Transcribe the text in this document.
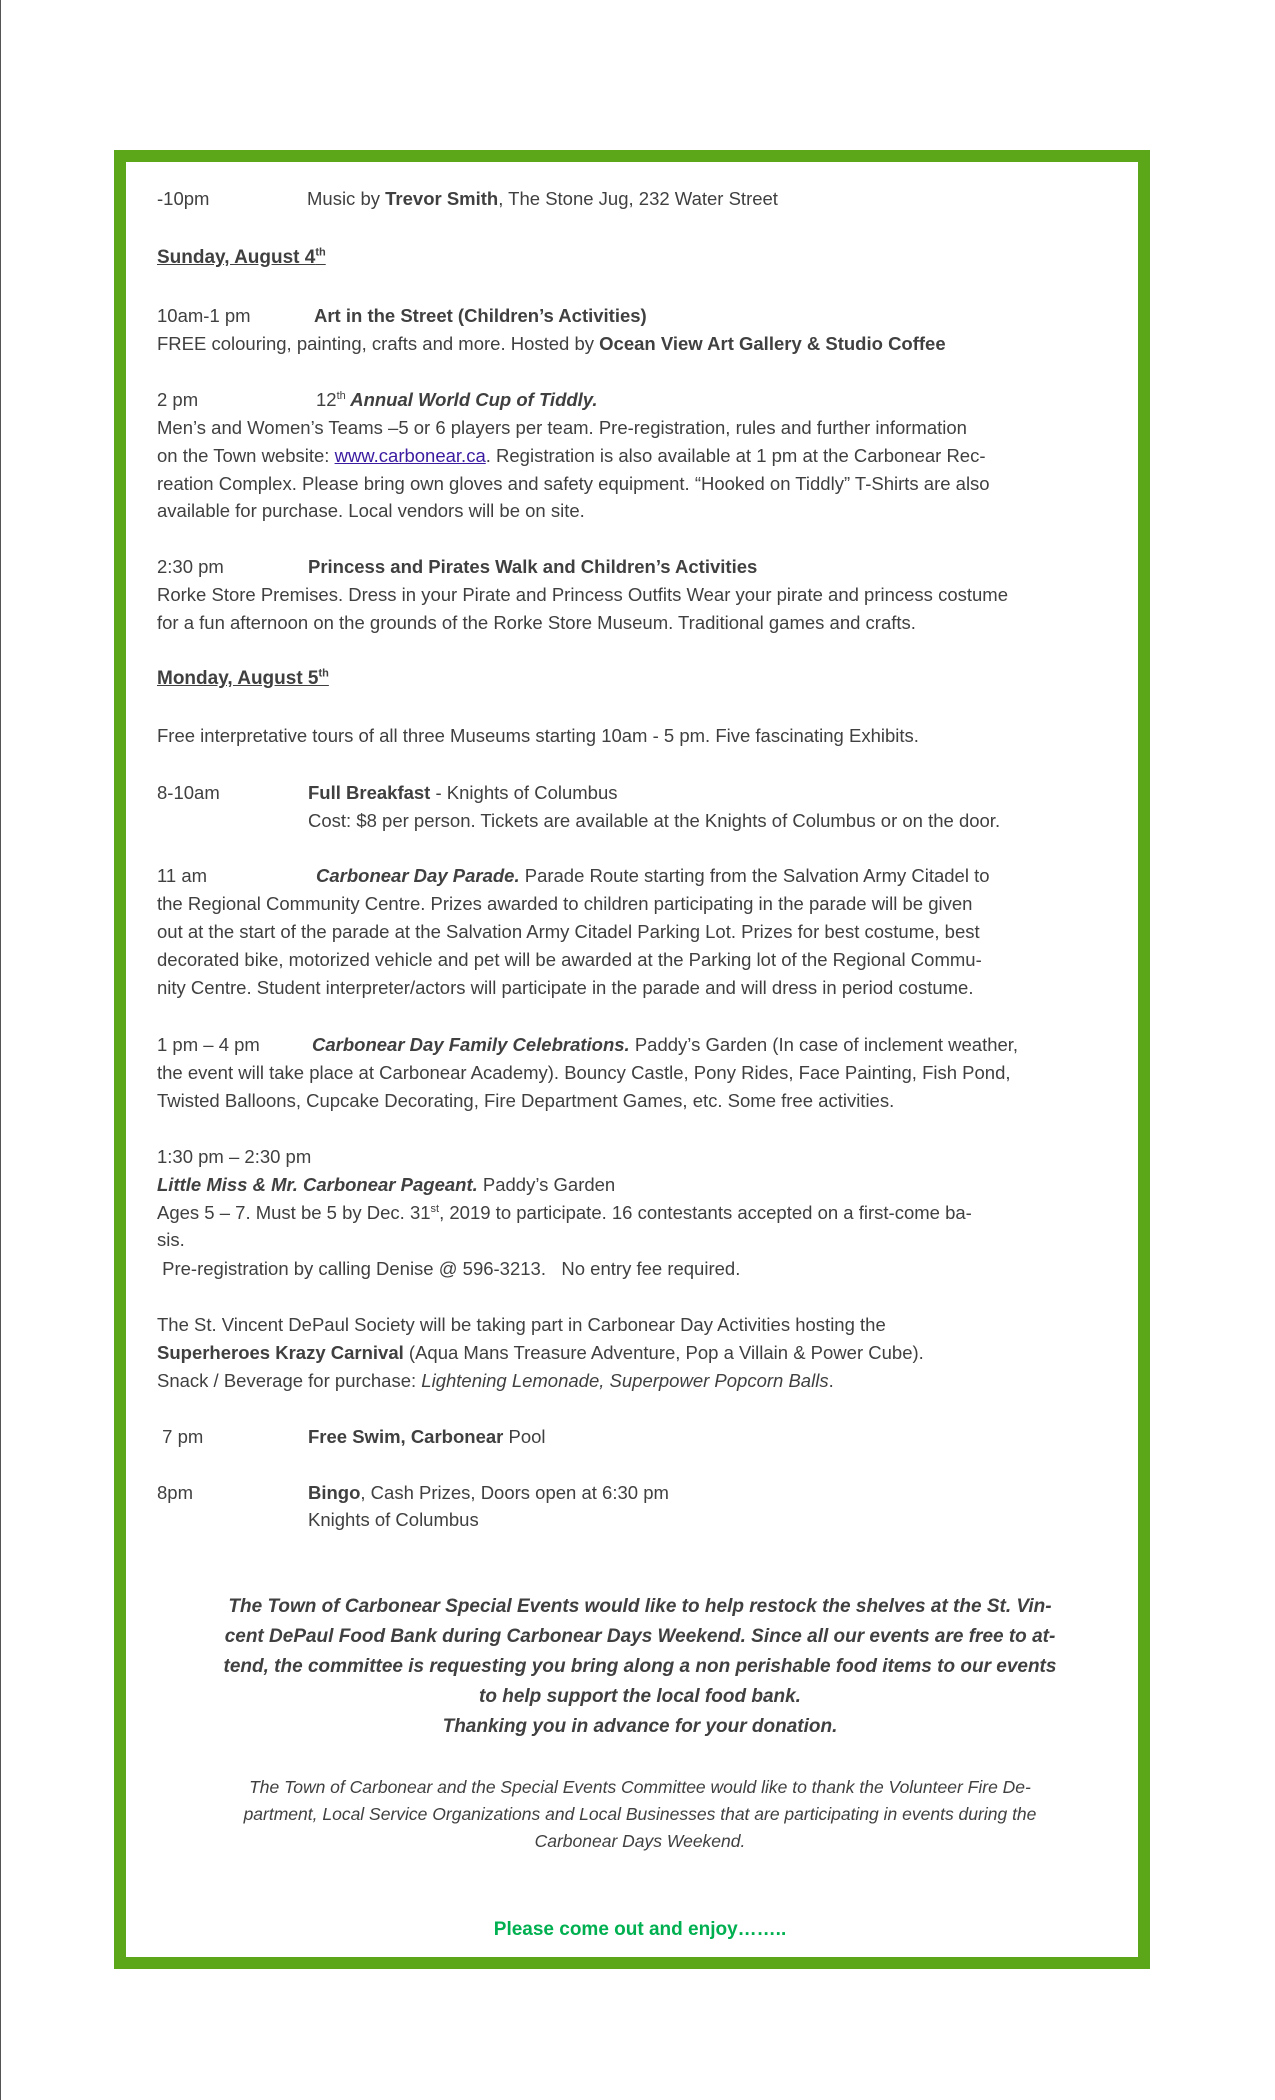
-10pm	Music by Trevor Smith, The Stone Jug, 232 Water Street
Sunday, August 4th
10am-1 pm	Art in the Street (Children’s Activities)
FREE colouring, painting, crafts and more. Hosted by Ocean View Art Gallery & Studio Coffee
2 pm	12th Annual World Cup of Tiddly.
Men’s and Women’s Teams –5 or 6 players per team. Pre-registration, rules and further information
on the Town website: www.carbonear.ca. Registration is also available at 1 pm at the Carbonear Rec-
reation Complex. Please bring own gloves and safety equipment. “Hooked on Tiddly” T-Shirts are also
available for purchase. Local vendors will be on site.
2:30 pm	Princess and Pirates Walk and Children’s Activities
Rorke Store Premises. Dress in your Pirate and Princess Outfits Wear your pirate and princess costume
for a fun afternoon on the grounds of the Rorke Store Museum. Traditional games and crafts.
Monday, August 5th
Free interpretative tours of all three Museums starting 10am - 5 pm. Five fascinating Exhibits.
8-10am	Full Breakfast - Knights of Columbus
Cost: $8 per person. Tickets are available at the Knights of Columbus or on the door.
11 am	Carbonear Day Parade. Parade Route starting from the Salvation Army Citadel to
the Regional Community Centre. Prizes awarded to children participating in the parade will be given
out at the start of the parade at the Salvation Army Citadel Parking Lot. Prizes for best costume, best
decorated bike, motorized vehicle and pet will be awarded at the Parking lot of the Regional Commu-
nity Centre. Student interpreter/actors will participate in the parade and will dress in period costume.
1 pm – 4 pm	Carbonear Day Family Celebrations. Paddy’s Garden (In case of inclement weather,
the event will take place at Carbonear Academy). Bouncy Castle, Pony Rides, Face Painting, Fish Pond,
Twisted Balloons, Cupcake Decorating, Fire Department Games, etc. Some free activities.
1:30 pm – 2:30 pm
Little Miss & Mr. Carbonear Pageant. Paddy’s Garden
Ages 5 – 7. Must be 5 by Dec. 31st, 2019 to participate. 16 contestants accepted on a first-come ba-
sis.
Pre-registration by calling Denise @ 596-3213.   No entry fee required.
The St. Vincent DePaul Society will be taking part in Carbonear Day Activities hosting the
Superheroes Krazy Carnival (Aqua Mans Treasure Adventure, Pop a Villain & Power Cube).
Snack / Beverage for purchase: Lightening Lemonade, Superpower Popcorn Balls.
7 pm	Free Swim, Carbonear Pool
8pm	Bingo, Cash Prizes, Doors open at 6:30 pm
Knights of Columbus
The Town of Carbonear Special Events would like to help restock the shelves at the St. Vin-
cent DePaul Food Bank during Carbonear Days Weekend. Since all our events are free to at-
tend, the committee is requesting you bring along a non perishable food items to our events
to help support the local food bank.
Thanking you in advance for your donation.
The Town of Carbonear and the Special Events Committee would like to thank the Volunteer Fire De-
partment, Local Service Organizations and Local Businesses that are participating in events during the
Carbonear Days Weekend.
Please come out and enjoy……..
